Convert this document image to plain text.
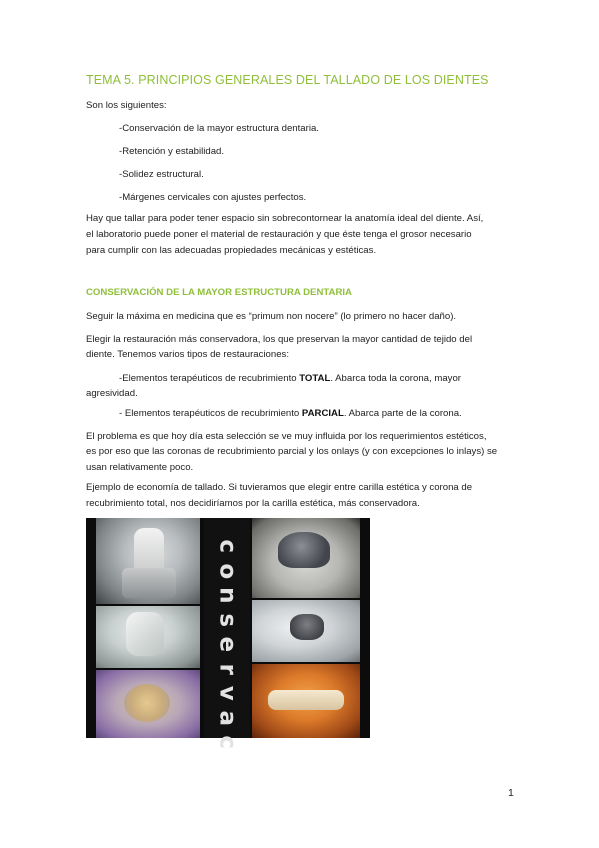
TEMA 5. PRINCIPIOS GENERALES DEL TALLADO DE LOS DIENTES
Son los siguientes:
-Conservación de la mayor estructura dentaria.
-Retención y estabilidad.
-Solidez estructural.
-Márgenes cervicales con ajustes perfectos.
Hay que tallar para poder tener espacio sin sobrecontornear la anatomía ideal del diente. Así,
el laboratorio puede poner el material de restauración y que éste tenga el grosor necesario
para cumplir con las adecuadas propiedades mecánicas y estéticas.
CONSERVACIÓN DE LA MAYOR ESTRUCTURA DENTARIA
Seguir la máxima en medicina que es “primum non nocere” (lo primero no hacer daño).
Elegir la restauración más conservadora, los que preservan la mayor cantidad de tejido del
diente. Tenemos varios tipos de restauraciones:
-Elementos terapéuticos de recubrimiento TOTAL. Abarca toda la corona, mayor
agresividad.
- Elementos terapéuticos de recubrimiento PARCIAL. Abarca parte de la corona.
El problema es que hoy día esta selección se ve muy influida por los requerimientos estéticos,
es por eso que las coronas de recubrimiento parcial y los onlays (y con excepciones lo inlays) se
usan relativamente poco.
Ejemplo de economía de tallado. Si tuvieramos que elegir entre carilla estética y corona de
recubrimiento total, nos decidiríamos por la carilla estética, más conservadora.
c
o
n
s
e
r
v
a
c
1
